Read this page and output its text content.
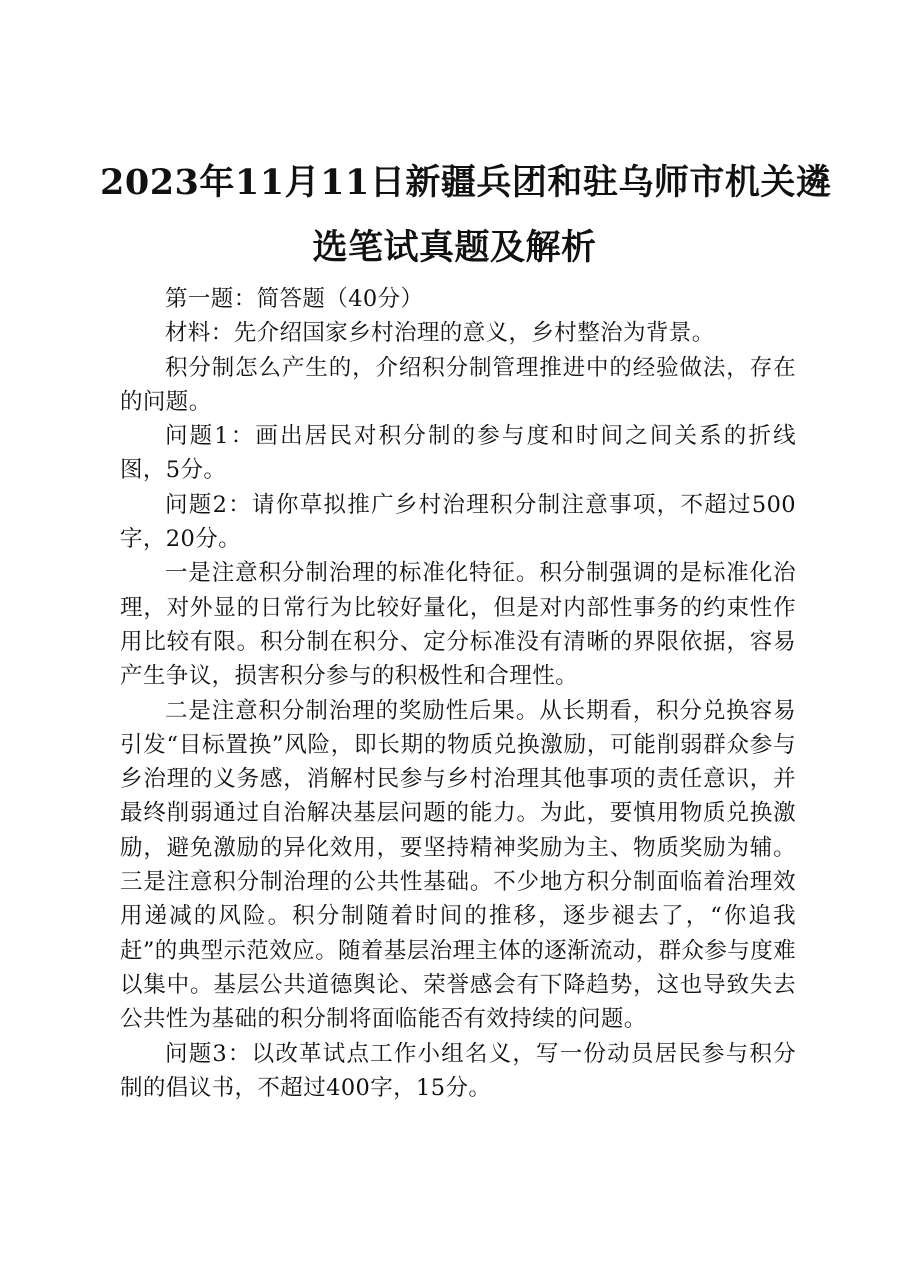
2023年11月11日新疆兵团和驻乌师市机关遴
选笔试真题及解析

第一题：简答题（40分）

材料：先介绍国家乡村治理的意义，乡村整治为背景。

积分制怎么产生的，介绍积分制管理推进中的经验做法，存在的问题。

问题1：画出居民对积分制的参与度和时间之间关系的折线图，5分。

问题2：请你草拟推广乡村治理积分制注意事项，不超过500字，20分。

一是注意积分制治理的标准化特征。积分制强调的是标准化治理，对外显的日常行为比较好量化，但是对内部性事务的约束性作用比较有限。积分制在积分、定分标准没有清晰的界限依据，容易产生争议，损害积分参与的积极性和合理性。

二是注意积分制治理的奖励性后果。从长期看，积分兑换容易引发“目标置换”风险，即长期的物质兑换激励，可能削弱群众参与乡治理的义务感，消解村民参与乡村治理其他事项的责任意识，并最终削弱通过自治解决基层问题的能力。为此，要慎用物质兑换激励，避免激励的异化效用，要坚持精神奖励为主、物质奖励为辅。三是注意积分制治理的公共性基础。不少地方积分制面临着治理效用递减的风险。积分制随着时间的推移，逐步褪去了，“你追我赶”的典型示范效应。随着基层治理主体的逐渐流动，群众参与度难以集中。基层公共道德舆论、荣誉感会有下降趋势，这也导致失去公共性为基础的积分制将面临能否有效持续的问题。

问题3：以改革试点工作小组名义，写一份动员居民参与积分制的倡议书，不超过400字，15分。
